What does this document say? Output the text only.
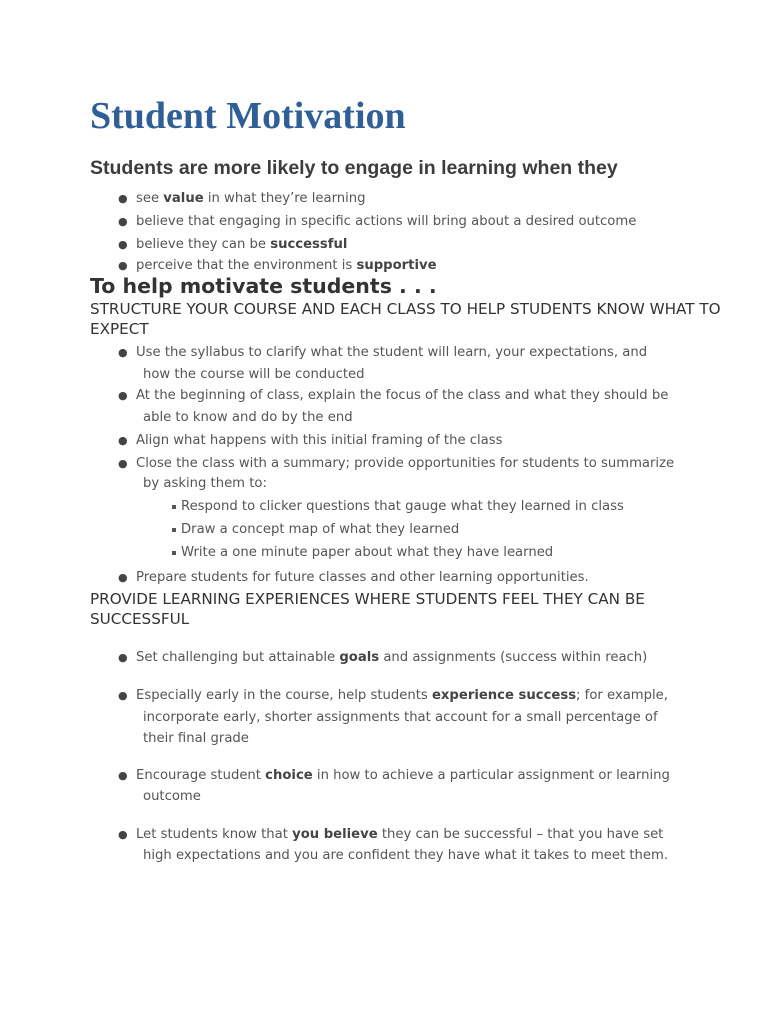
Student Motivation
Students are more likely to engage in learning when they
● see value in what they’re learning
● believe that engaging in specific actions will bring about a desired outcome
● believe they can be successful
● perceive that the environment is supportive
To help motivate students . . .
STRUCTURE YOUR COURSE AND EACH CLASS TO HELP STUDENTS KNOW WHAT TO EXPECT
● Use the syllabus to clarify what the student will learn, your expectations, and
how the course will be conducted
● At the beginning of class, explain the focus of the class and what they should be
able to know and do by the end
● Align what happens with this initial framing of the class
● Close the class with a summary; provide opportunities for students to summarize
by asking them to:
Respond to clicker questions that gauge what they learned in class
Draw a concept map of what they learned
Write a one minute paper about what they have learned
● Prepare students for future classes and other learning opportunities.
PROVIDE LEARNING EXPERIENCES WHERE STUDENTS FEEL THEY CAN BE SUCCESSFUL
● Set challenging but attainable goals and assignments (success within reach)
● Especially early in the course, help students experience success; for example,
incorporate early, shorter assignments that account for a small percentage of
their final grade
● Encourage student choice in how to achieve a particular assignment or learning
outcome
● Let students know that you believe they can be successful – that you have set
high expectations and you are confident they have what it takes to meet them.
